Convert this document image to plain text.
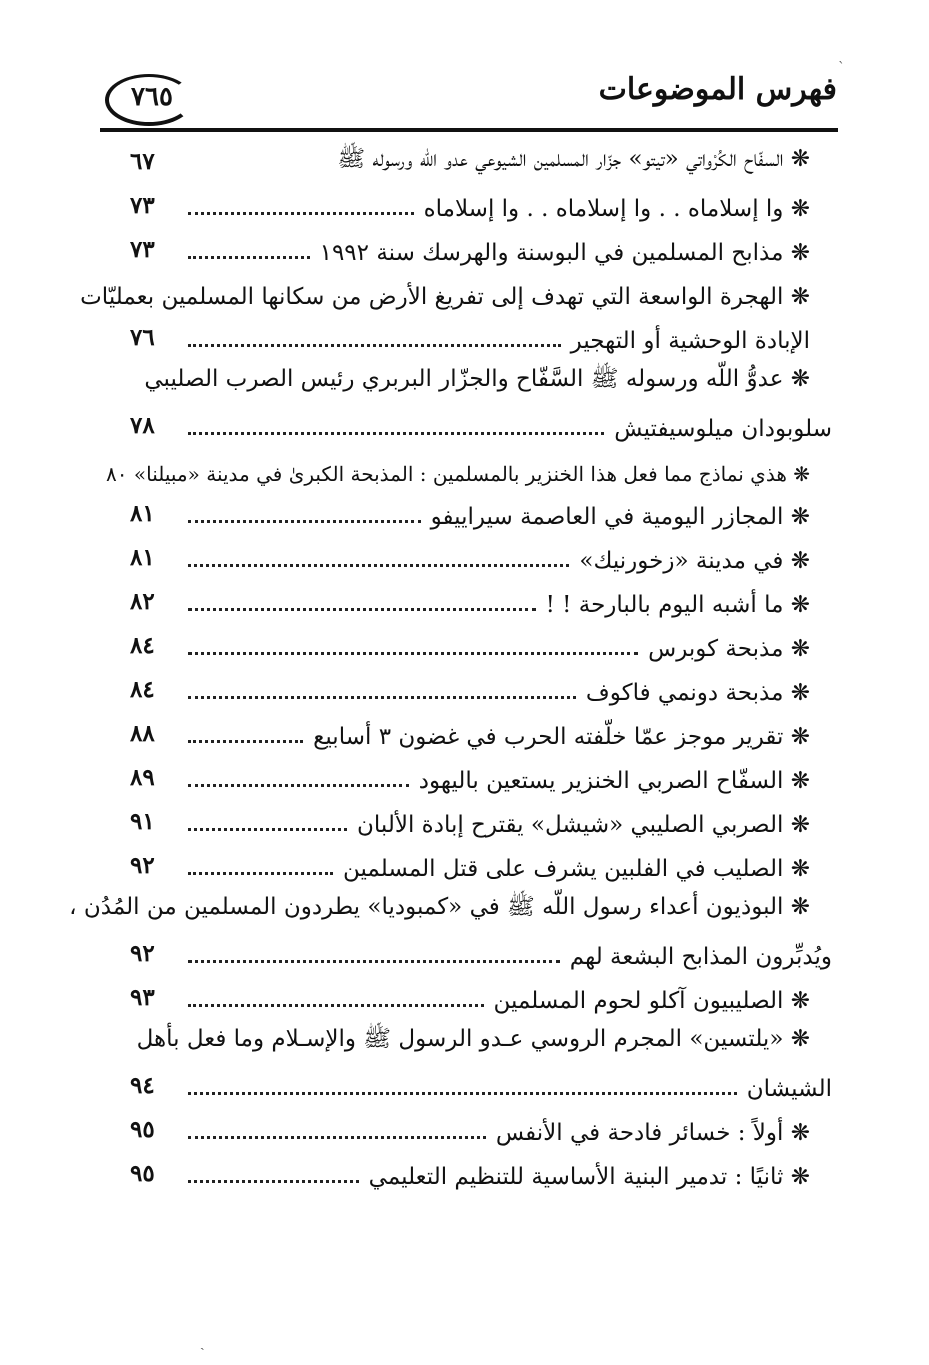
فهرس الموضوعات
٧٦٥
❋ السفّاح الكُرْواتي «تيتو» جزّار المسلمين الشيوعي عدو اللّه ورسوله ﷺ
٦٧
❋ وا إسلاماه . . وا إسلاماه . . وا إسلاماه
٧٣
❋ مذابح المسلمين في البوسنة والهرسك سنة ١٩٩٢
٧٣
❋ الهجرة الواسعة التي تهدف إلى تفريغ الأرض من سكانها المسلمين بعمليّات
الإبادة الوحشية أو التهجير
٧٦
❋ عدوُّ اللّه ورسوله ﷺ السَّفّاح والجزّار البربري رئيس الصرب الصليبي
سلوبودان ميلوسيفتيش
٧٨
❋ هذي نماذج مما فعل هذا الخنزير بالمسلمين : المذبحة الكبرىٰ في مدينة «مبيلنا» ٨٠
❋ المجازر اليومية في العاصمة سيراييفو
٨١
❋ في مدينة «زخورنيك»
٨١
❋ ما أشبه اليوم بالبارحة ! !
٨٢
❋ مذبحة كوبرس
٨٤
❋ مذبحة دونمي فاكوف
٨٤
❋ تقرير موجز عمّا خلّفته الحرب في غضون ٣ أسابيع
٨٨
❋ السفّاح الصربي الخنزير يستعين باليهود
٨٩
❋ الصربي الصليبي «شيشل» يقترح إبادة الألبان
٩١
❋ الصليب في الفلبين يشرف على قتل المسلمين
٩٢
❋ البوذيون أعداء رسول اللّه ﷺ في «كمبوديا» يطردون المسلمين من المُدُن ،
ويُدبِّرون المذابح البشعة لهم
٩٢
❋ الصليبيون آكلو لحوم المسلمين
٩٣
❋ «يلتسين» المجرم الروسي عـدو الرسول ﷺ والإسـلام وما فعل بأهل
الشيشان
٩٤
❋ أولاً : خسائر فادحة في الأنفس
٩٥
❋ ثانيًا : تدمير البنية الأساسية للتنظيم التعليمي
٩٥
ˋ
ˏ
